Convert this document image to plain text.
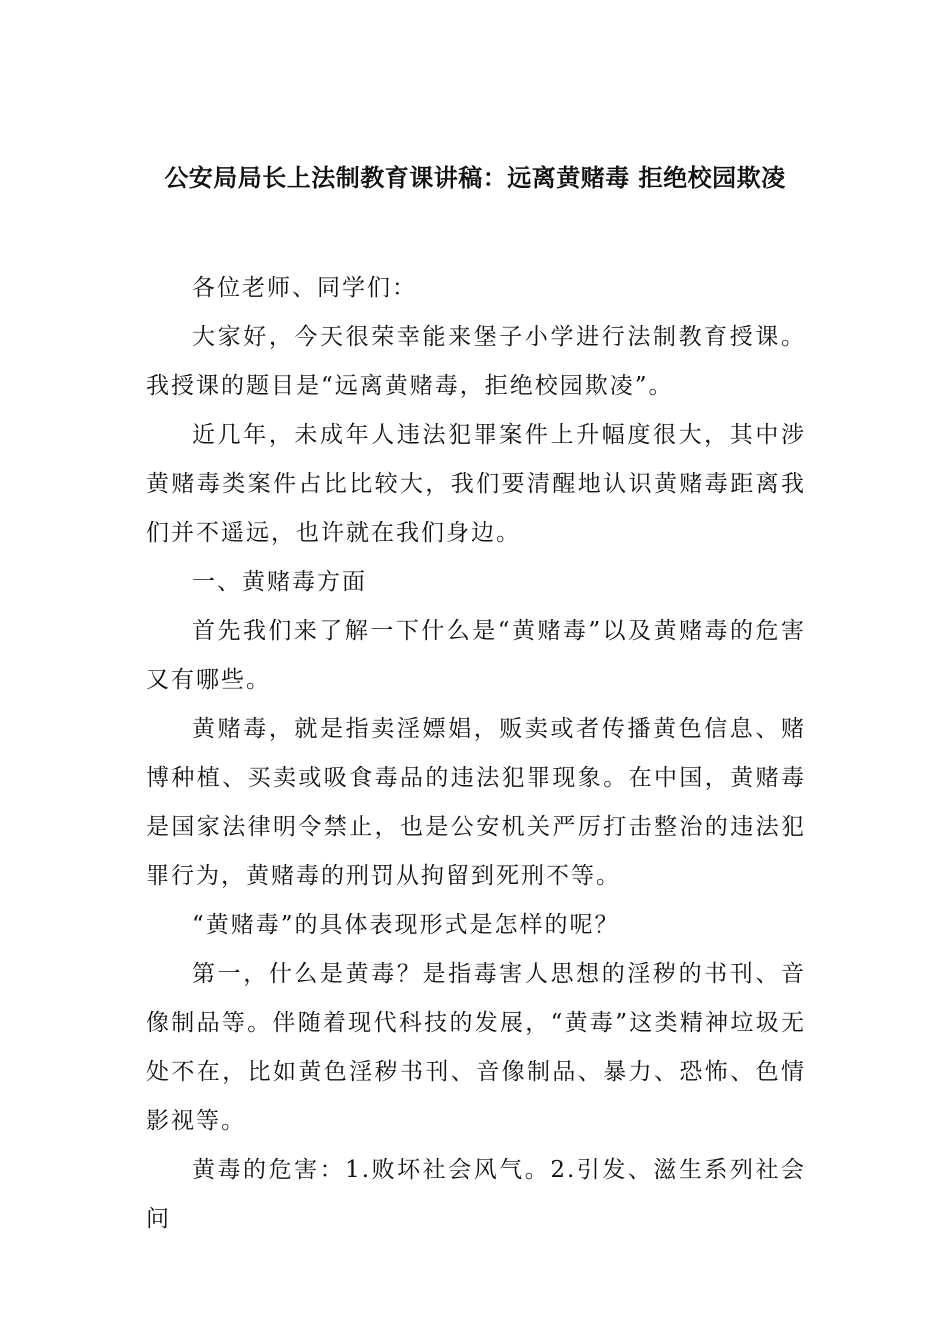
公安局局长上法制教育课讲稿：远离黄赌毒 拒绝校园欺凌

各位老师、同学们：

大家好，今天很荣幸能来堡子小学进行法制教育授课。我授课的题目是“远离黄赌毒，拒绝校园欺凌”。

近几年，未成年人违法犯罪案件上升幅度很大，其中涉黄赌毒类案件占比比较大，我们要清醒地认识黄赌毒距离我们并不遥远，也许就在我们身边。

一、黄赌毒方面

首先我们来了解一下什么是“黄赌毒”以及黄赌毒的危害又有哪些。

黄赌毒，就是指卖淫嫖娼，贩卖或者传播黄色信息、赌博种植、买卖或吸食毒品的违法犯罪现象。在中国，黄赌毒是国家法律明令禁止，也是公安机关严厉打击整治的违法犯罪行为，黄赌毒的刑罚从拘留到死刑不等。

“黄赌毒”的具体表现形式是怎样的呢？

第一，什么是黄毒？是指毒害人思想的淫秽的书刊、音像制品等。伴随着现代科技的发展，“黄毒”这类精神垃圾无处不在，比如黄色淫秽书刊、音像制品、暴力、恐怖、色情影视等。

黄毒的危害：1.败坏社会风气。2.引发、滋生系列社会问
